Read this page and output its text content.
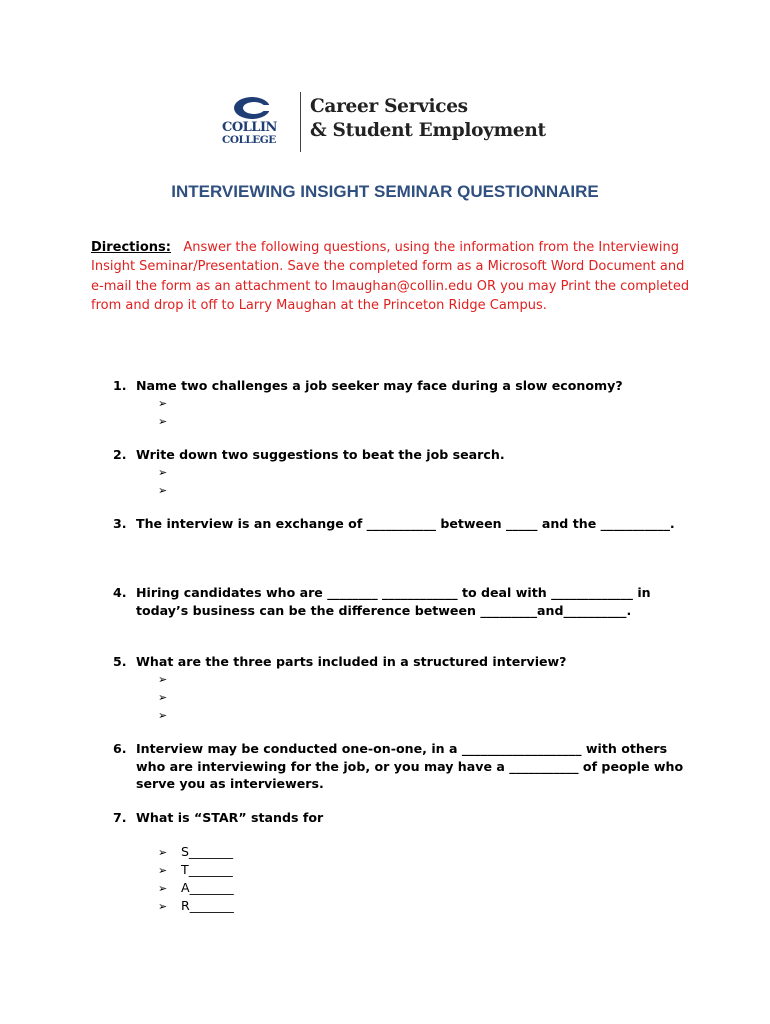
COLLIN
COLLEGE
Career Services
& Student Employment
INTERVIEWING INSIGHT SEMINAR QUESTIONNAIRE
Directions: Answer the following questions, using the information from the Interviewing Insight Seminar/Presentation. Save the completed form as a Microsoft Word Document and e-mail the form as an attachment to lmaughan@collin.edu OR you may Print the completed from and drop it off to Larry Maughan at the Princeton Ridge Campus.
1. Name two challenges a job seeker may face during a slow economy?
➢
➢
2. Write down two suggestions to beat the job search.
➢
➢
3. The interview is an exchange of ___________ between _____ and the ___________.
4. Hiring candidates who are ________ ____________ to deal with _____________ in today’s business can be the difference between _________and__________.
5. What are the three parts included in a structured interview?
➢
➢
➢
6. Interview may be conducted one-on-one, in a ___________________ with others who are interviewing for the job, or you may have a ___________ of people who serve you as interviewers.
7. What is “STAR” stands for
➢ S_______
➢ T_______
➢ A_______
➢ R_______
